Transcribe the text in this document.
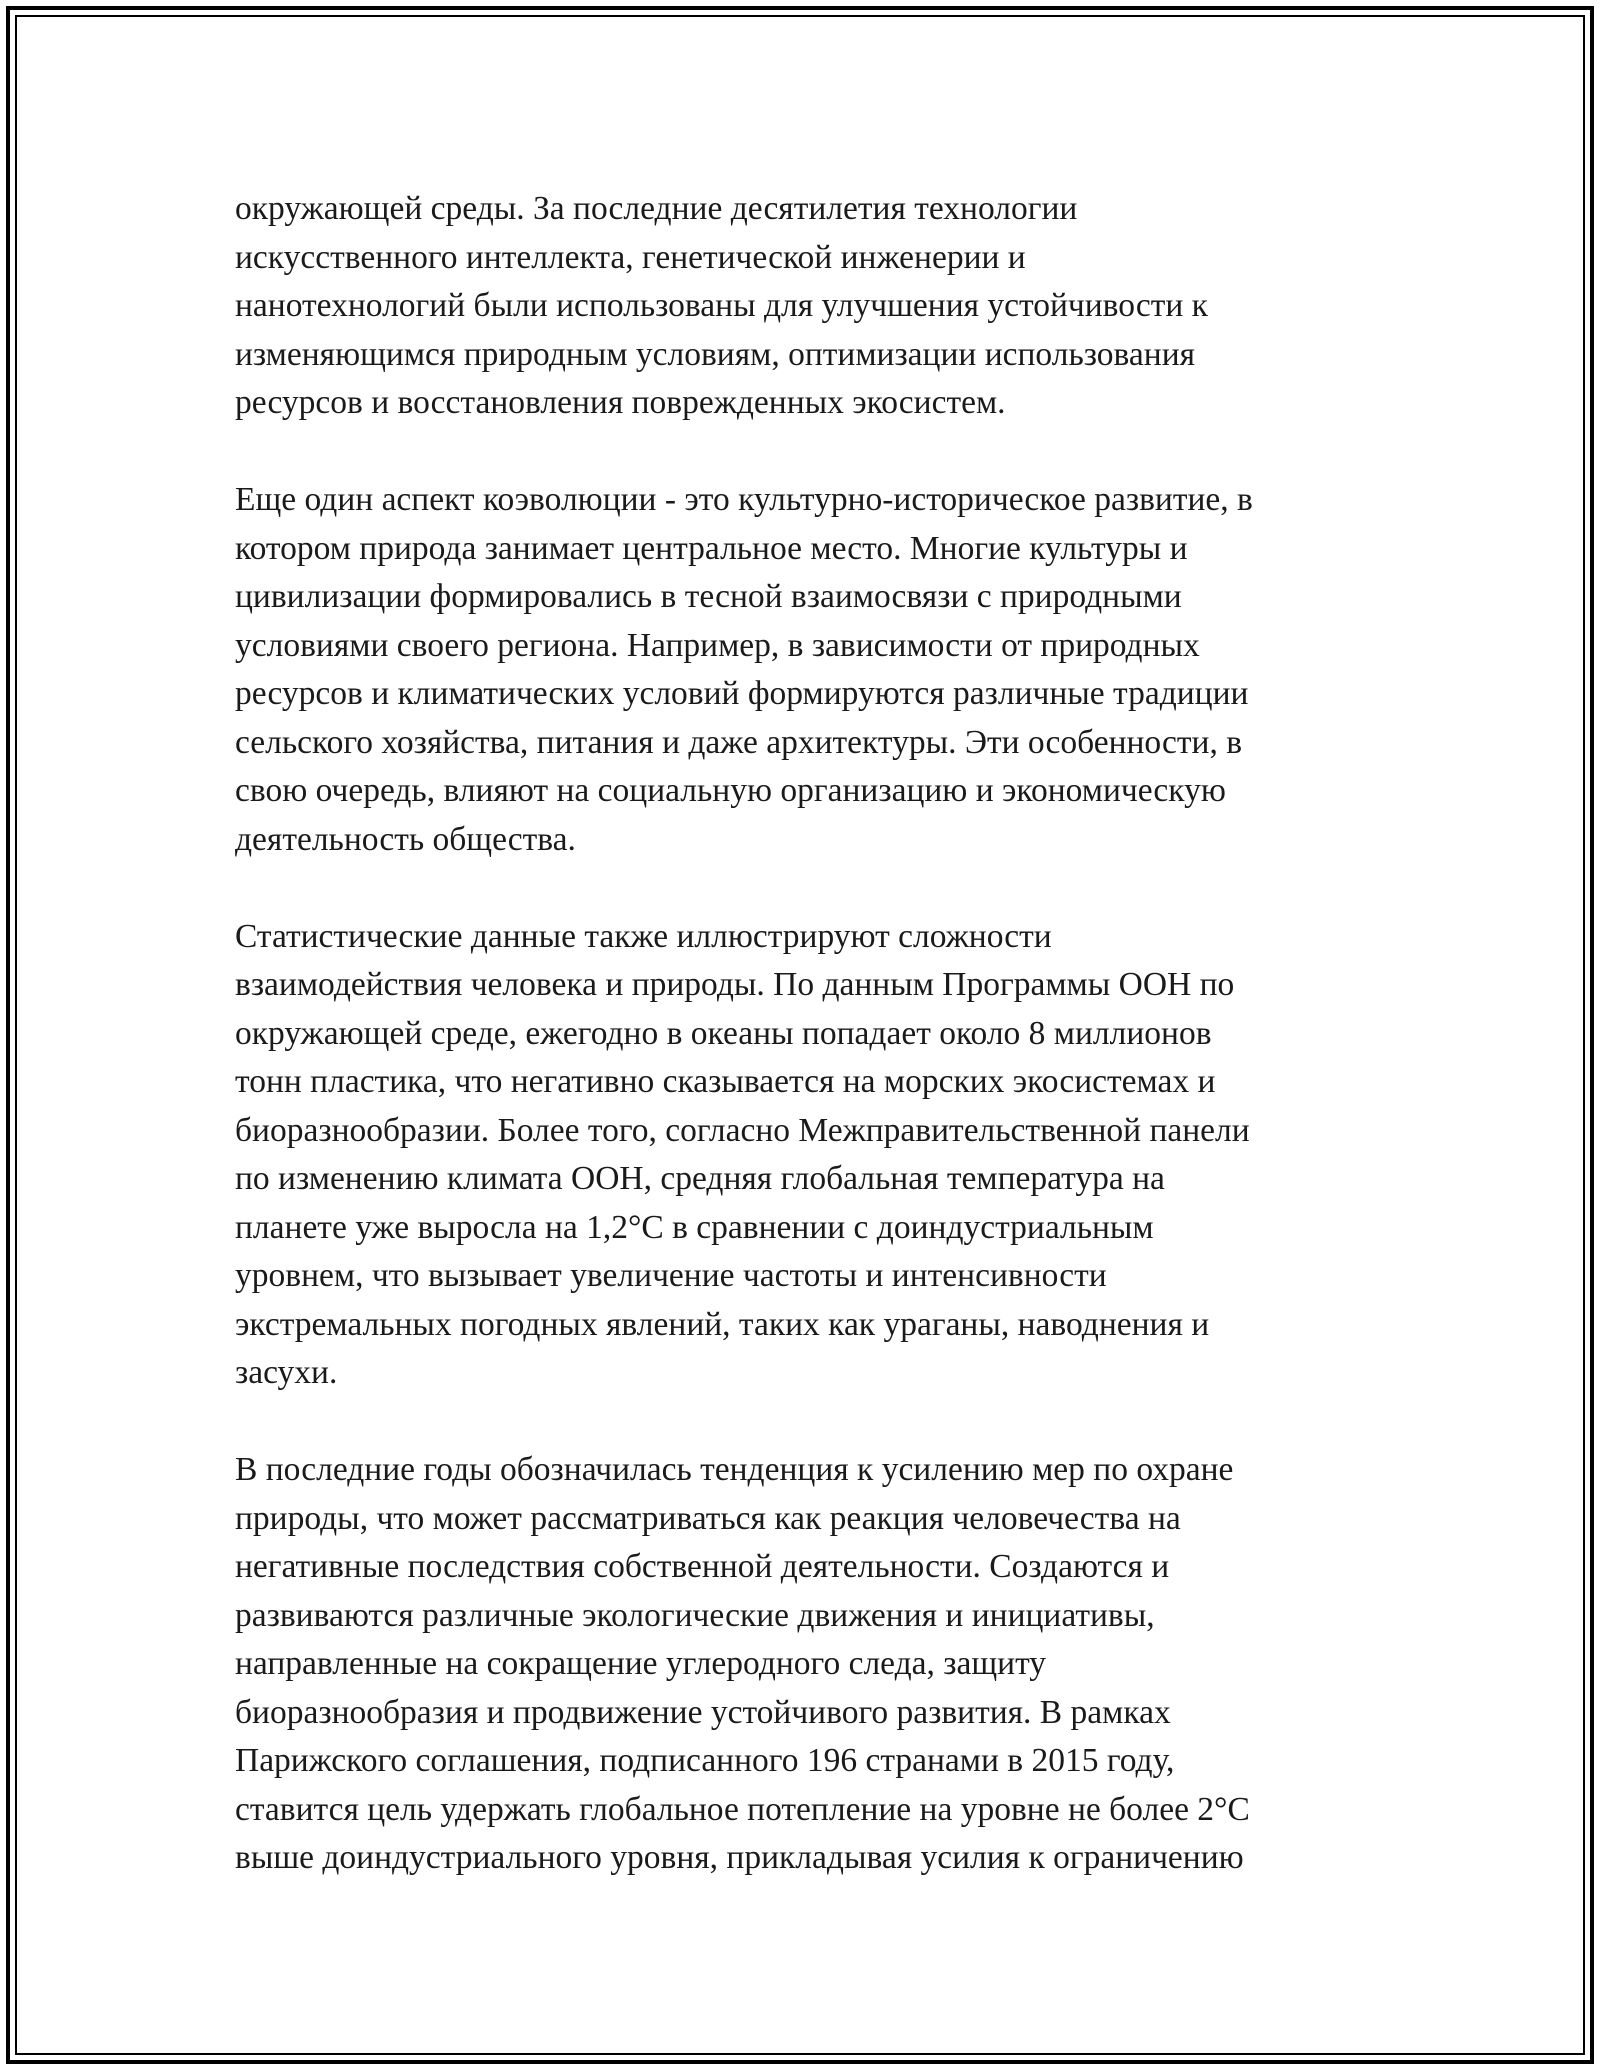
окружающей среды. За последние десятилетия технологии
искусственного интеллекта, генетической инженерии и
нанотехнологий были использованы для улучшения устойчивости к
изменяющимся природным условиям, оптимизации использования
ресурсов и восстановления поврежденных экосистем.

Еще один аспект коэволюции - это культурно-историческое развитие, в
котором природа занимает центральное место. Многие культуры и
цивилизации формировались в тесной взаимосвязи с природными
условиями своего региона. Например, в зависимости от природных
ресурсов и климатических условий формируются различные традиции
сельского хозяйства, питания и даже архитектуры. Эти особенности, в
свою очередь, влияют на социальную организацию и экономическую
деятельность общества.

Статистические данные также иллюстрируют сложности
взаимодействия человека и природы. По данным Программы ООН по
окружающей среде, ежегодно в океаны попадает около 8 миллионов
тонн пластика, что негативно сказывается на морских экосистемах и
биоразнообразии. Более того, согласно Межправительственной панели
по изменению климата ООН, средняя глобальная температура на
планете уже выросла на 1,2°C в сравнении с доиндустриальным
уровнем, что вызывает увеличение частоты и интенсивности
экстремальных погодных явлений, таких как ураганы, наводнения и
засухи.

В последние годы обозначилась тенденция к усилению мер по охране
природы, что может рассматриваться как реакция человечества на
негативные последствия собственной деятельности. Создаются и
развиваются различные экологические движения и инициативы,
направленные на сокращение углеродного следа, защиту
биоразнообразия и продвижение устойчивого развития. В рамках
Парижского соглашения, подписанного 196 странами в 2015 году,
ставится цель удержать глобальное потепление на уровне не более 2°C
выше доиндустриального уровня, прикладывая усилия к ограничению
